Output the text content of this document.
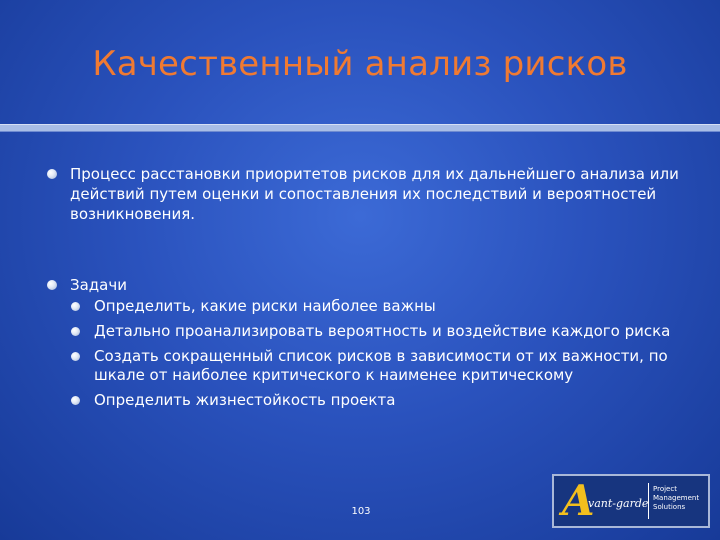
Качественный анализ рисков
Процесс расстановки приоритетов рисков для их дальнейшего анализа или действий путем оценки и сопоставления их последствий и вероятностей возникновения.
Задачи
Определить, какие риски наиболее важны
Детально проанализировать вероятность и воздействие каждого риска
Создать сокращенный список рисков в зависимости от их важности, по шкале от наиболее критического к наименее критическому
Определить жизнестойкость проекта
103	A
vant-garde
Project
Management
Solutions
